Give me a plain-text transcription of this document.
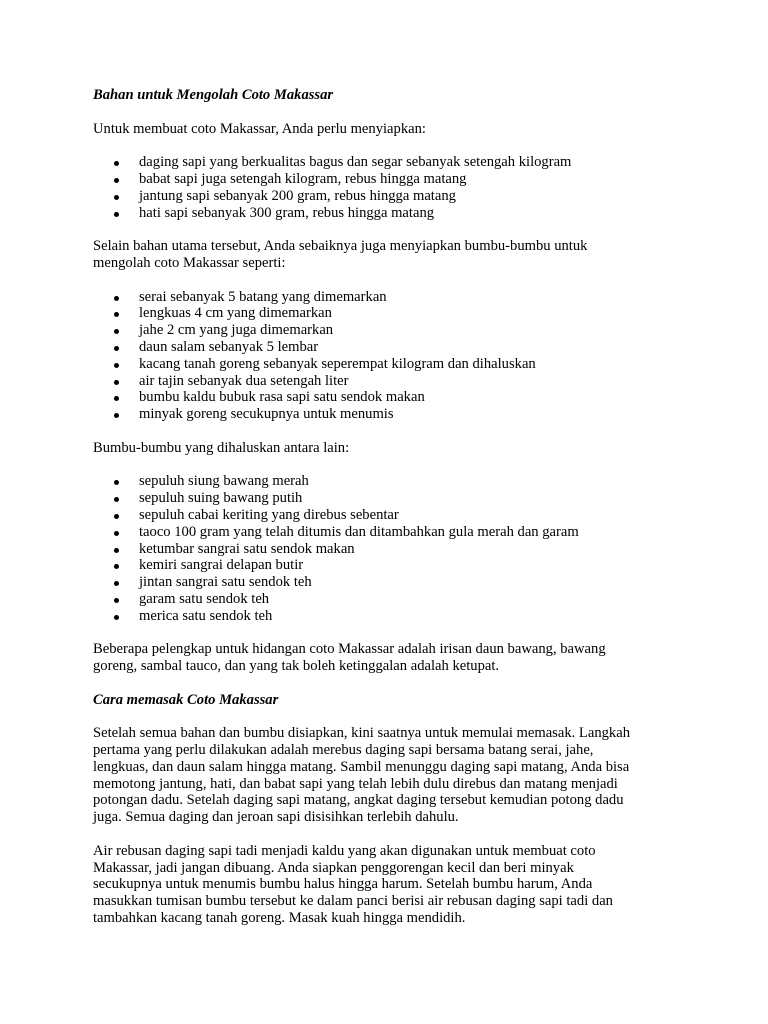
Bahan untuk Mengolah Coto Makassar

Untuk membuat coto Makassar, Anda perlu menyiapkan:

daging sapi yang berkualitas bagus dan segar sebanyak setengah kilogram
babat sapi juga setengah kilogram, rebus hingga matang
jantung sapi sebanyak 200 gram, rebus hingga matang
hati sapi sebanyak 300 gram, rebus hingga matang

Selain bahan utama tersebut, Anda sebaiknya juga menyiapkan bumbu-bumbu untuk
mengolah coto Makassar seperti:

serai sebanyak 5 batang yang dimemarkan
lengkuas 4 cm yang dimemarkan
jahe 2 cm yang juga dimemarkan
daun salam sebanyak 5 lembar
kacang tanah goreng sebanyak seperempat kilogram dan dihaluskan
air tajin sebanyak dua setengah liter
bumbu kaldu bubuk rasa sapi satu sendok makan
minyak goreng secukupnya untuk menumis

Bumbu-bumbu yang dihaluskan antara lain:

sepuluh siung bawang merah
sepuluh suing bawang putih
sepuluh cabai keriting yang direbus sebentar
taoco 100 gram yang telah ditumis dan ditambahkan gula merah dan garam
ketumbar sangrai satu sendok makan
kemiri sangrai delapan butir
jintan sangrai satu sendok teh
garam satu sendok teh
merica satu sendok teh

Beberapa pelengkap untuk hidangan coto Makassar adalah irisan daun bawang, bawang
goreng, sambal tauco, dan yang tak boleh ketinggalan adalah ketupat.

Cara memasak Coto Makassar

Setelah semua bahan dan bumbu disiapkan, kini saatnya untuk memulai memasak. Langkah
pertama yang perlu dilakukan adalah merebus daging sapi bersama batang serai, jahe,
lengkuas, dan daun salam hingga matang. Sambil menunggu daging sapi matang, Anda bisa
memotong jantung, hati, dan babat sapi yang telah lebih dulu direbus dan matang menjadi
potongan dadu. Setelah daging sapi matang, angkat daging tersebut kemudian potong dadu
juga. Semua daging dan jeroan sapi disisihkan terlebih dahulu.

Air rebusan daging sapi tadi menjadi kaldu yang akan digunakan untuk membuat coto
Makassar, jadi jangan dibuang. Anda siapkan penggorengan kecil dan beri minyak
secukupnya untuk menumis bumbu halus hingga harum. Setelah bumbu harum, Anda
masukkan tumisan bumbu tersebut ke dalam panci berisi air rebusan daging sapi tadi dan
tambahkan kacang tanah goreng. Masak kuah hingga mendidih.
